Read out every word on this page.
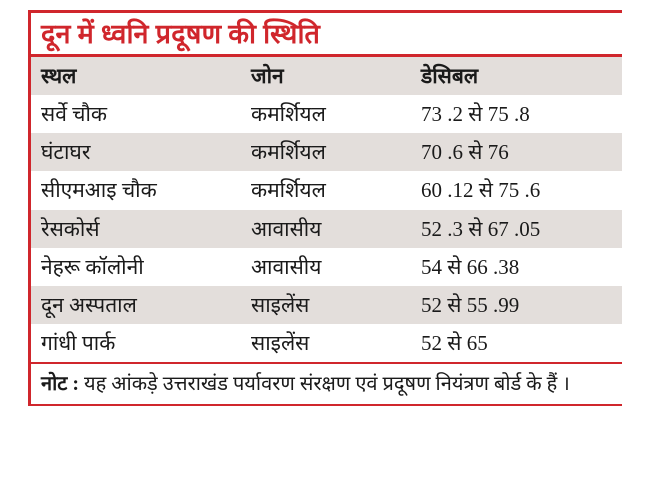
दून में ध्वनि प्रदूषण की स्थिति
स्थल	जोन	डेसिबल
सर्वे चौक	कमर्शियल	73 .2 से 75 .8
घंटाघर	कमर्शियल	70 .6 से 76
सीएमआइ चौक	कमर्शियल	60 .12 से 75 .6
रेसकोर्स	आवासीय	52 .3 से 67 .05
नेहरू कॉलोनी	आवासीय	54 से 66 .38
दून अस्पताल	साइलेंस	52 से 55 .99
गांधी पार्क	साइलेंस	52 से 65
नोट : यह आंकड़े उत्तराखंड पर्यावरण संरक्षण एवं प्रदूषण नियंत्रण बोर्ड के हैं ।
